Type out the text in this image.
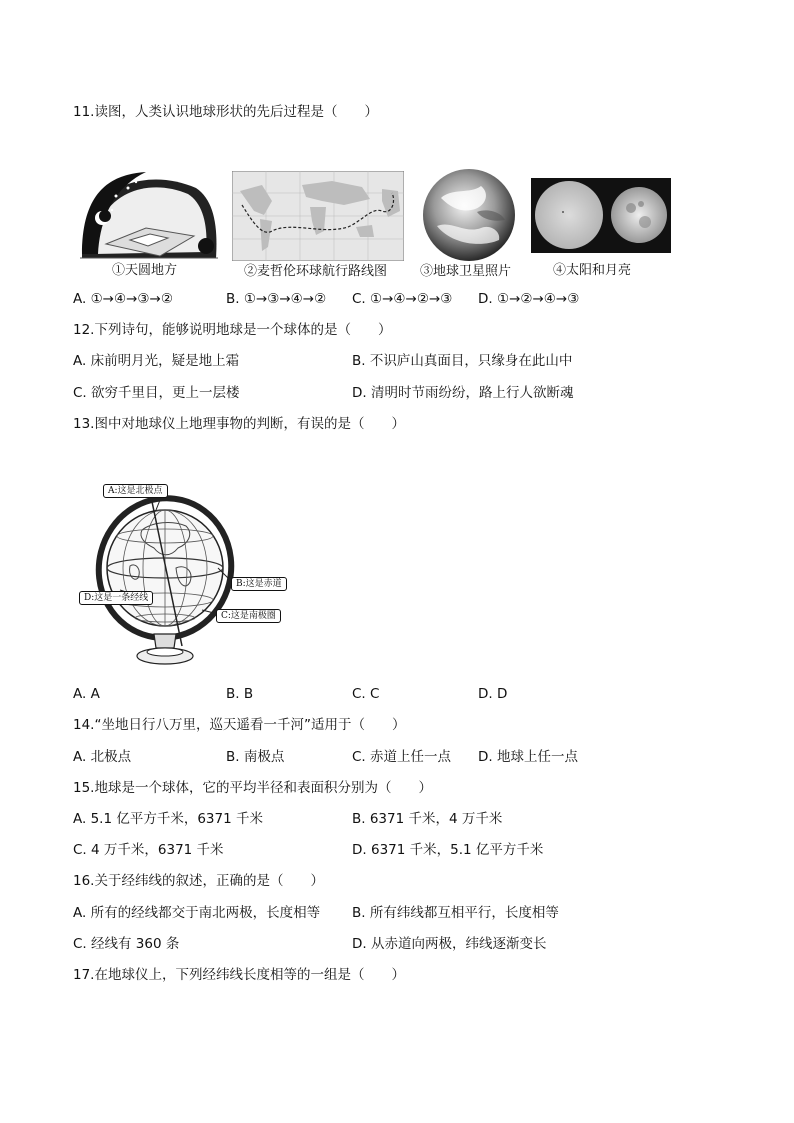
11.读图，人类认识地球形状的先后过程是（　　）
①天圆地方	②麦哲伦环球航行路线图	③地球卫星照片	④太阳和月亮
A. ①→④→③→②	B. ①→③→④→② C. ①→④→②→③ D. ①→②→④→③
12.下列诗句，能够说明地球是一个球体的是（　　）
A. 床前明月光，疑是地上霜	B. 不识庐山真面目，只缘身在此山中
C. 欲穷千里目，更上一层楼	D. 清明时节雨纷纷，路上行人欲断魂
13.图中对地球仪上地理事物的判断，有误的是（　　）
A:这是北极点
B:这是赤道
C:这是南极圈
D:这是一条经线
A. A	B. B	C. C	D. D
14.“坐地日行八万里，巡天遥看一千河”适用于（　　）
A. 北极点	B. 南极点	C. 赤道上任一点 D. 地球上任一点
15.地球是一个球体，它的平均半径和表面积分别为（　　）
A. 5.1 亿平方千米，6371 千米	B. 6371 千米，4 万千米
C. 4 万千米，6371 千米	D. 6371 千米，5.1 亿平方千米
16.关于经纬线的叙述，正确的是（　　）
A. 所有的经线都交于南北两极，长度相等 B. 所有纬线都互相平行，长度相等
C. 经线有 360 条	D. 从赤道向两极，纬线逐渐变长
17.在地球仪上，下列经纬线长度相等的一组是（　　）
